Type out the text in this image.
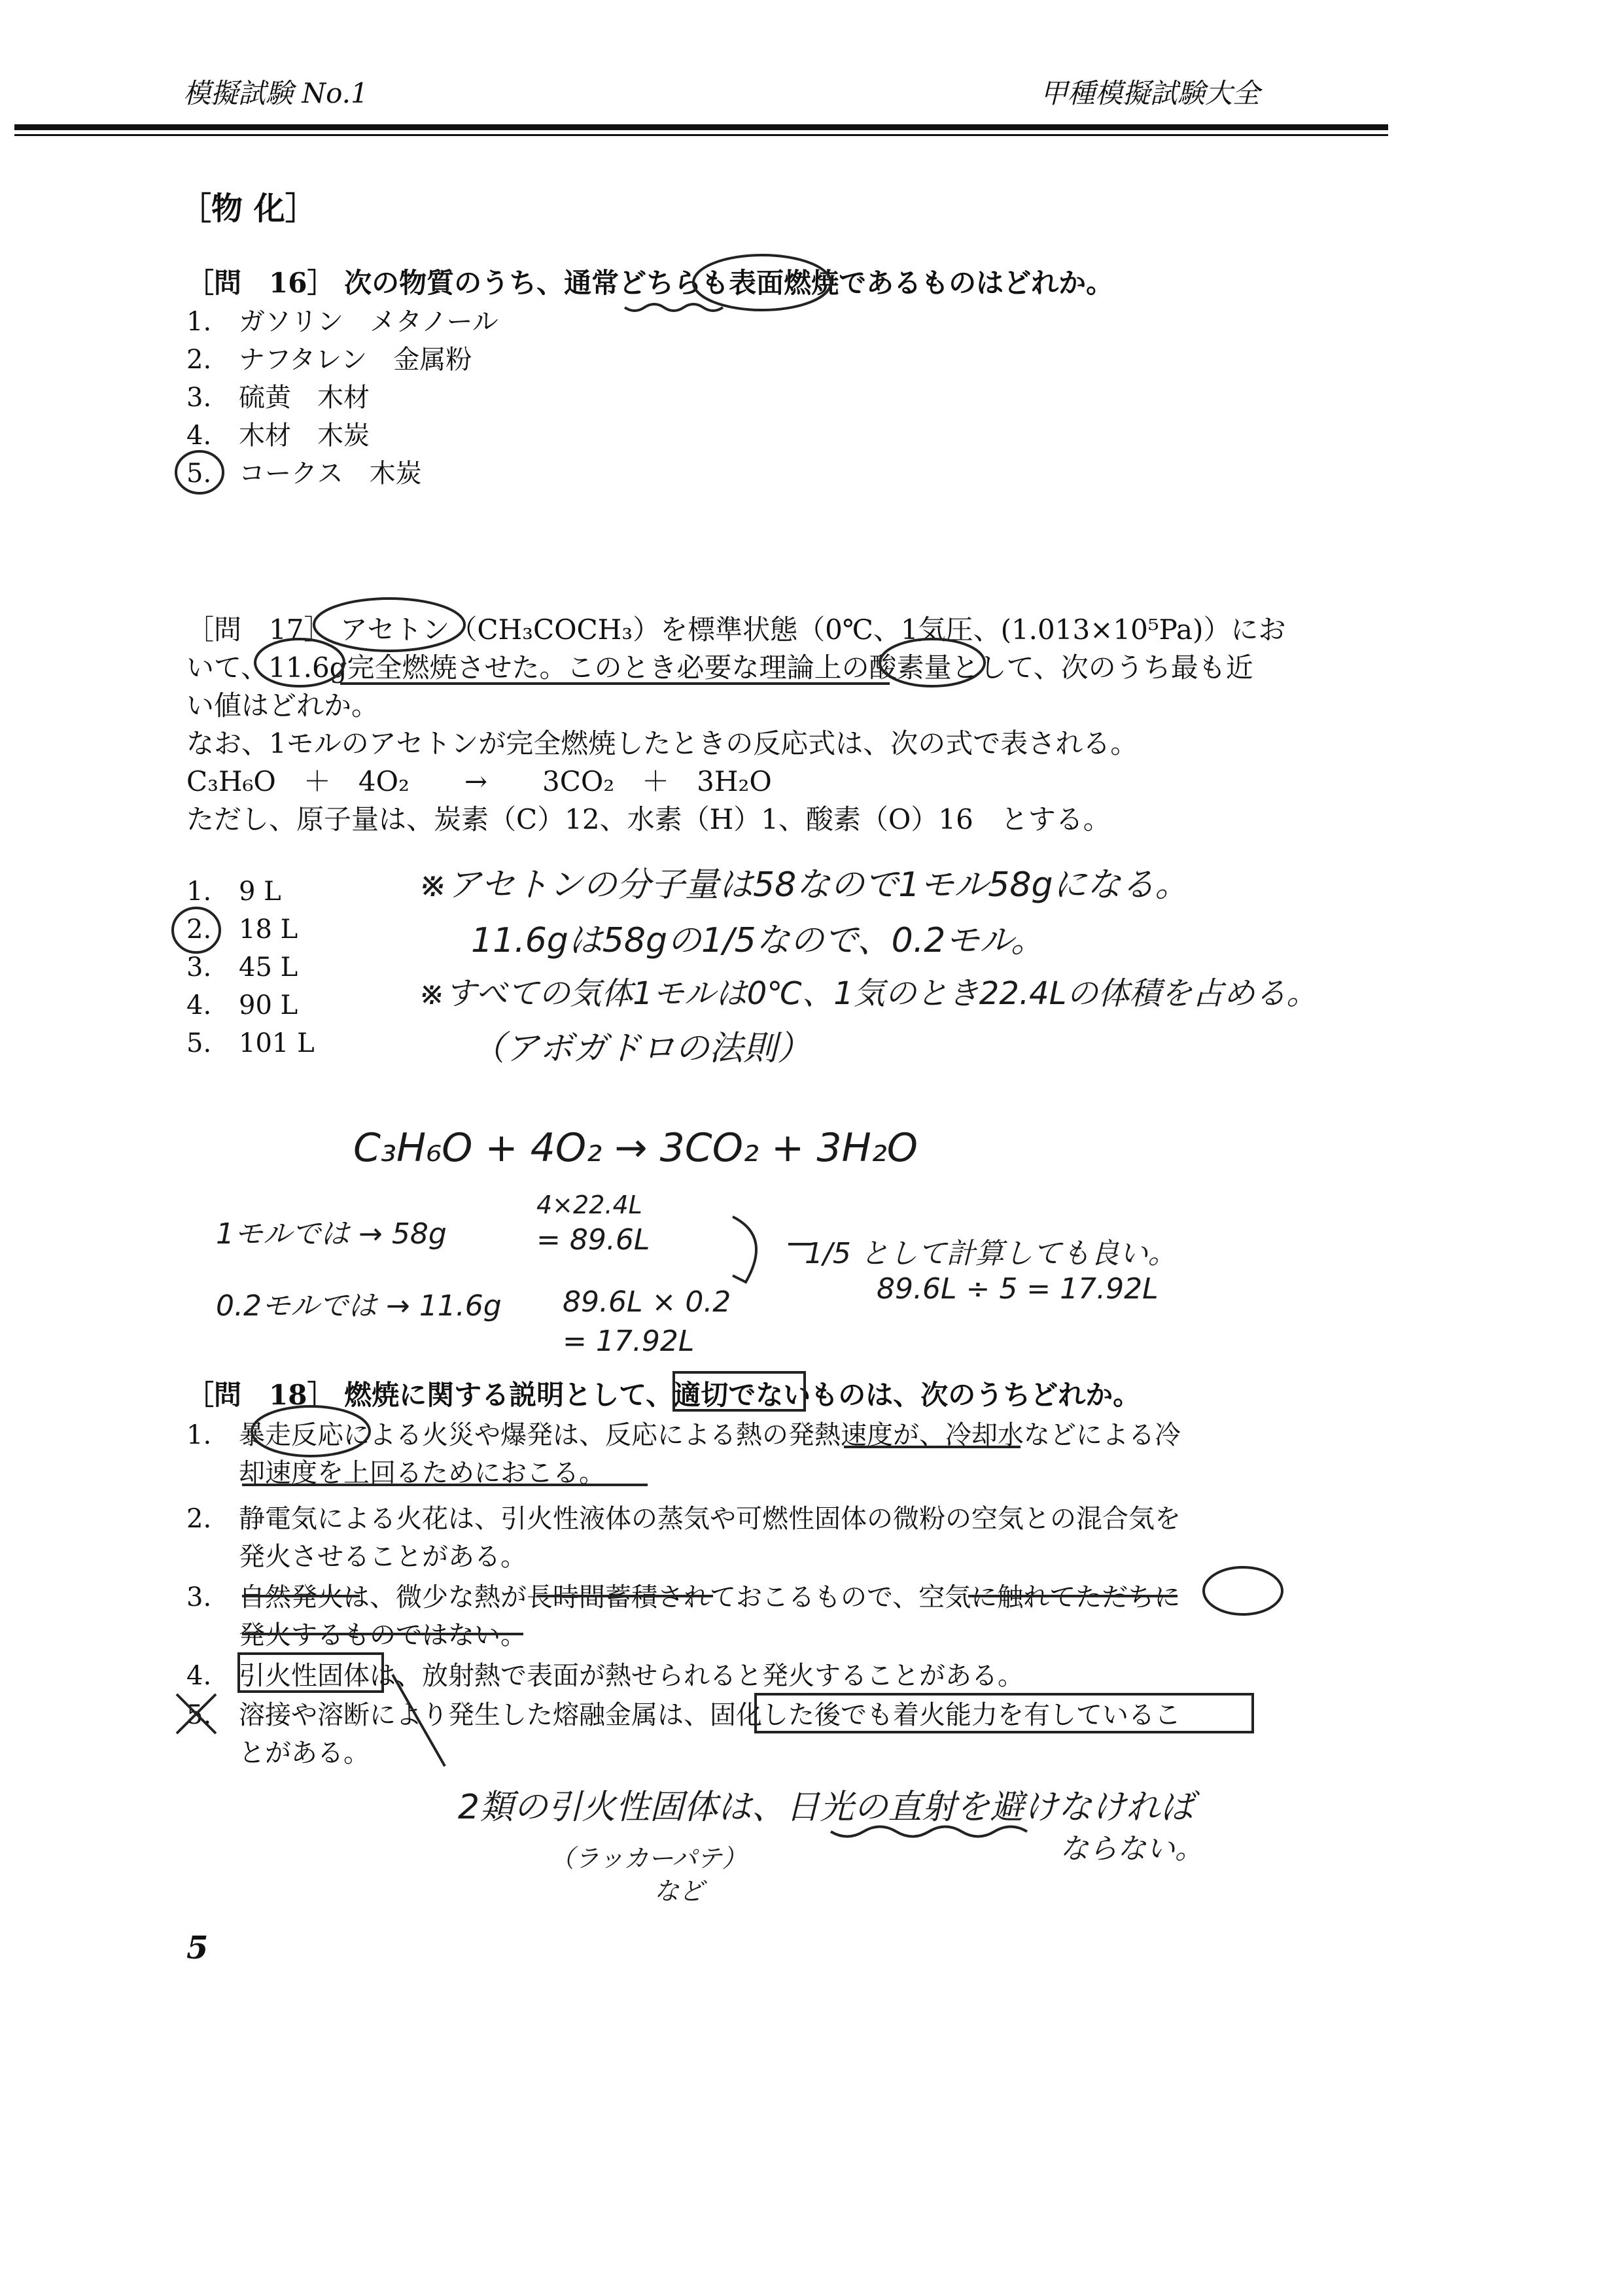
模擬試験 No.1	甲種模擬試験大全
［物 化］
［問　16］ 次の物質のうち、通常どちらも表面燃焼であるものはどれか。
1. ガソリン　メタノール
2. ナフタレン　金属粉
3. 硫黄　木材
4. 木材　木炭
5. コークス　木炭
［問　17］ アセトン（CH₃COCH₃）を標準状態（0℃、1気圧、(1.013×10⁵Pa)）にお
いて、11.6g完全燃焼させた。このとき必要な理論上の酸素量として、次のうち最も近
い値はどれか。
なお、1モルのアセトンが完全燃焼したときの反応式は、次の式で表される。
C₃H₆O　＋　4O₂　　→　　3CO₂　＋　3H₂O
ただし、原子量は、炭素（C）12、水素（H）1、酸素（O）16　とする。
1. 9 L
2. 18 L
3. 45 L
4. 90 L
5. 101 L
※アセトンの分子量は58なので1モル58gになる。
11.6gは58gの1/5なので、0.2モル。
※すべての気体1モルは0℃、1気のとき22.4Lの体積を占める。
（アボガドロの法則）
C₃H₆O + 4O₂ → 3CO₂ + 3H₂O
1モルでは → 58g
4×22.4L
= 89.6L	1/5 として計算しても良い。
89.6L ÷ 5 = 17.92L
0.2モルでは → 11.6g 89.6L × 0.2
= 17.92L
［問　18］ 燃焼に関する説明として、適切でないものは、次のうちどれか。
1. 暴走反応による火災や爆発は、反応による熱の発熱速度が、冷却水などによる冷
却速度を上回るためにおこる。
2. 静電気による火花は、引火性液体の蒸気や可燃性固体の微粉の空気との混合気を
発火させることがある。
3. 自然発火は、微少な熱が長時間蓄積されておこるもので、空気に触れてただちに
発火するものではない。
4. 引火性固体は、放射熱で表面が熱せられると発火することがある。
5. 溶接や溶断により発生した熔融金属は、固化した後でも着火能力を有しているこ
とがある。
2類の引火性固体は、日光の直射を避けなければ
ならない。
（ラッカーパテ）
など
5
